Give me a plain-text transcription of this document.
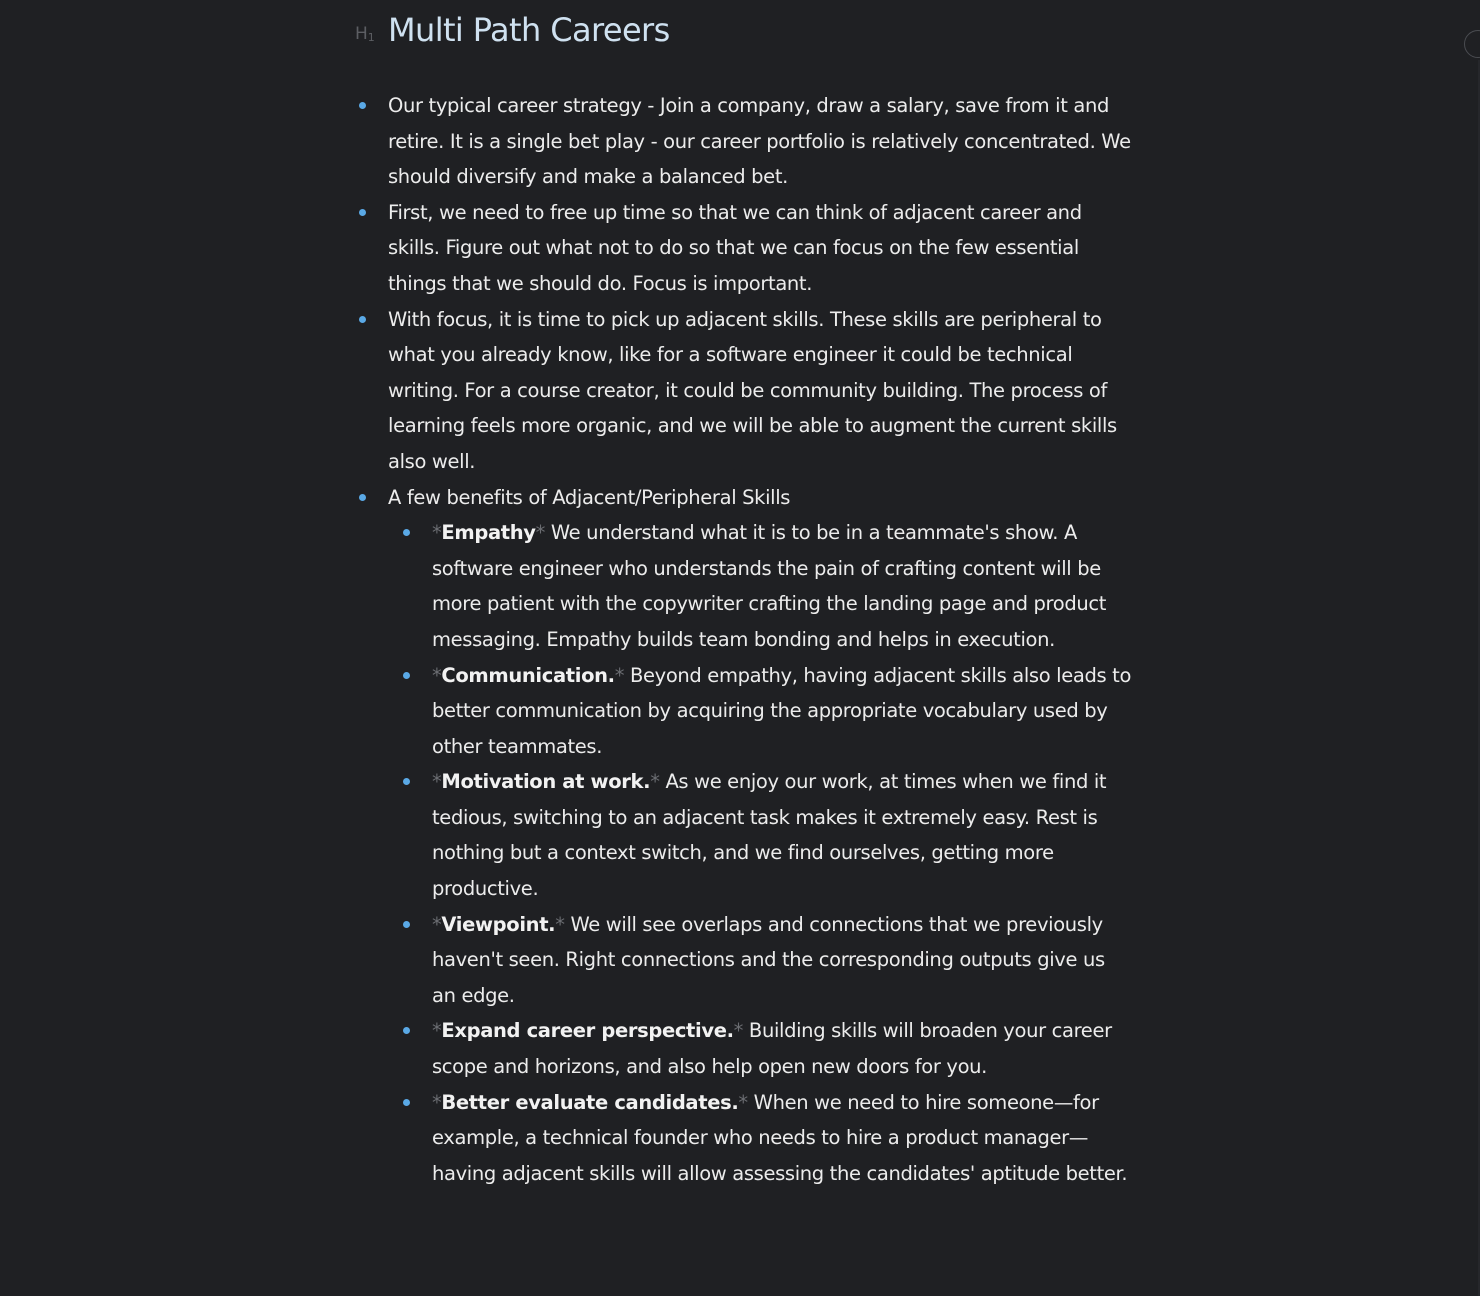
$H_1$ Multi Path Careers
Our typical career strategy - Join a company, draw a salary, save from it and retire. It is a single bet play - our career portfolio is relatively concentrated. We should diversify and make a balanced bet.
First, we need to free up time so that we can think of adjacent career and skills. Figure out what not to do so that we can focus on the few essential things that we should do. Focus is important.
With focus, it is time to pick up adjacent skills. These skills are peripheral to what you already know, like for a software engineer it could be technical writing. For a course creator, it could be community building. The process of learning feels more organic, and we will be able to augment the current skills also well.
A few benefits of Adjacent/Peripheral Skills
*Empathy* We understand what it is to be in a teammate's show. A software engineer who understands the pain of crafting content will be more patient with the copywriter crafting the landing page and product messaging. Empathy builds team bonding and helps in execution.
*Communication.* Beyond empathy, having adjacent skills also leads to better communication by acquiring the appropriate vocabulary used by other teammates.
*Motivation at work.* As we enjoy our work, at times when we find it tedious, switching to an adjacent task makes it extremely easy. Rest is nothing but a context switch, and we find ourselves, getting more productive.
*Viewpoint.* We will see overlaps and connections that we previously haven't seen. Right connections and the corresponding outputs give us an edge.
*Expand career perspective.* Building skills will broaden your career scope and horizons, and also help open new doors for you.
*Better evaluate candidates.* When we need to hire someone—for example, a technical founder who needs to hire a product manager—having adjacent skills will allow assessing the candidates' aptitude better.
